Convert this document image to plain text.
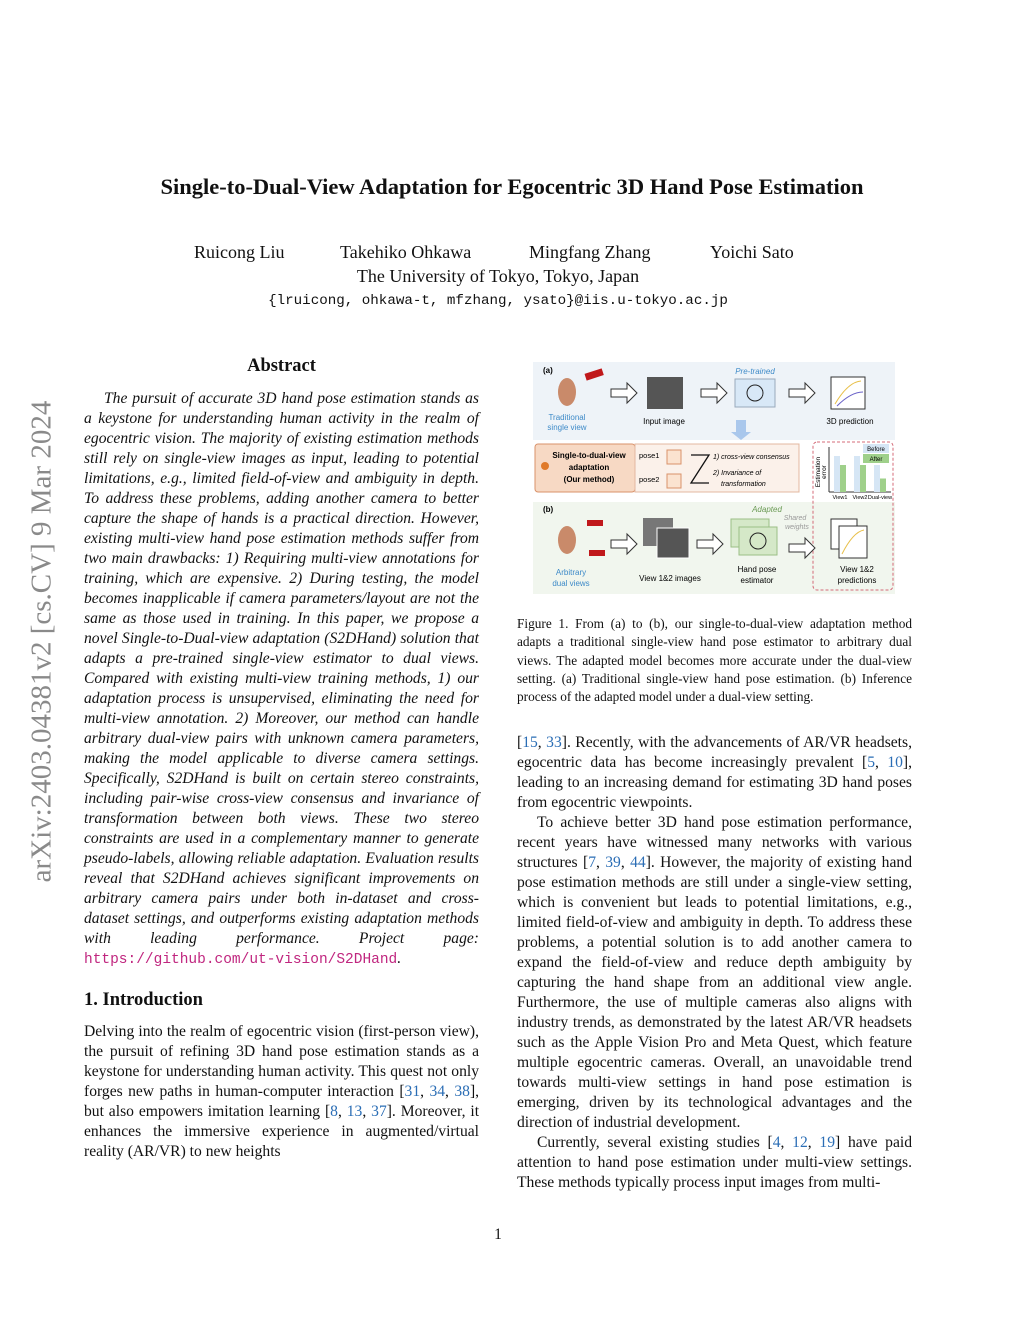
arXiv:2403.04381v2 [cs.CV] 9 Mar 2024
Single-to-Dual-View Adaptation for Egocentric 3D Hand Pose Estimation
Ruicong Liu	Takehiko Ohkawa	Mingfang Zhang	Yoichi Sato
The University of Tokyo, Tokyo, Japan
{lruicong, ohkawa-t, mfzhang, ysato}@iis.u-tokyo.ac.jp
Abstract

The pursuit of accurate 3D hand pose estimation stands as a keystone for understanding human activity in the realm of egocentric vision. The majority of existing estimation methods still rely on single-view images as input, leading to potential limitations, e.g., limited field-of-view and ambiguity in depth. To address these problems, adding another camera to better capture the shape of hands is a practical direction. However, existing multi-view hand pose estimation methods suffer from two main drawbacks: 1) Requiring multi-view annotations for training, which are expensive. 2) During testing, the model becomes inapplicable if camera parameters/layout are not the same as those used in training. In this paper, we propose a novel Single-to-Dual-view adaptation (S2DHand) solution that adapts a pre-trained single-view estimator to dual views. Compared with existing multi-view training methods, 1) our adaptation process is unsupervised, eliminating the need for multi-view annotation. 2) Moreover, our method can handle arbitrary dual-view pairs with unknown camera parameters, making the model applicable to diverse camera settings. Specifically, S2DHand is built on certain stereo constraints, including pair-wise cross-view consensus and invariance of transformation between both views. These two stereo constraints are used in a complementary manner to generate pseudo-labels, allowing reliable adaptation. Evaluation results reveal that S2DHand achieves significant improvements on arbitrary camera pairs under both in-dataset and cross-dataset settings, and outperforms existing adaptation methods with leading performance. Project page: https://github.com/ut-vision/S2DHand.

1. Introduction

Delving into the realm of egocentric vision (first-person view), the pursuit of refining 3D hand pose estimation stands as a keystone for understanding human activity. This quest not only forges new paths in human-computer interaction [31, 34, 38], but also empowers imitation learning [8, 13, 37]. Moreover, it enhances the immersive experience in augmented/virtual reality (AR/VR) to new heights

(a)
Traditional
single view
Input image
Pre-trained
3D prediction
Single-to-dual-view
adaptation
(Our method)
pose1
pose2
1) cross-view consensus
2) Invariance of
transformation	Estimation error
Before
After
View1 View2 Dual-view
(b)
Arbitrary
dual views
View 1&2 images
Adapted
Shared
weights
Hand pose
estimator
View 1&2
predictions
Figure 1. From (a) to (b), our single-to-dual-view adaptation method adapts a traditional single-view hand pose estimator to arbitrary dual views. The adapted model becomes more accurate under the dual-view setting. (a) Traditional single-view hand pose estimation. (b) Inference process of the adapted model under a dual-view setting.

[15, 33]. Recently, with the advancements of AR/VR headsets, egocentric data has become increasingly prevalent [5, 10], leading to an increasing demand for estimating 3D hand poses from egocentric viewpoints.

To achieve better 3D hand pose estimation performance, recent years have witnessed many networks with various structures [7, 39, 44]. However, the majority of existing hand pose estimation methods are still under a single-view setting, which is convenient but leads to potential limitations, e.g., limited field-of-view and ambiguity in depth. To address these problems, a potential solution is to add another camera to expand the field-of-view and reduce depth ambiguity by capturing the hand shape from an additional view angle. Furthermore, the use of multiple cameras also aligns with industry trends, as demonstrated by the latest AR/VR headsets such as the Apple Vision Pro and Meta Quest, which feature multiple egocentric cameras. Overall, an unavoidable trend towards multi-view settings in hand pose estimation is emerging, driven by its technological advantages and the direction of industrial development.

Currently, several existing studies [4, 12, 19] have paid attention to hand pose estimation under multi-view settings. These methods typically process input images from multi-

1
